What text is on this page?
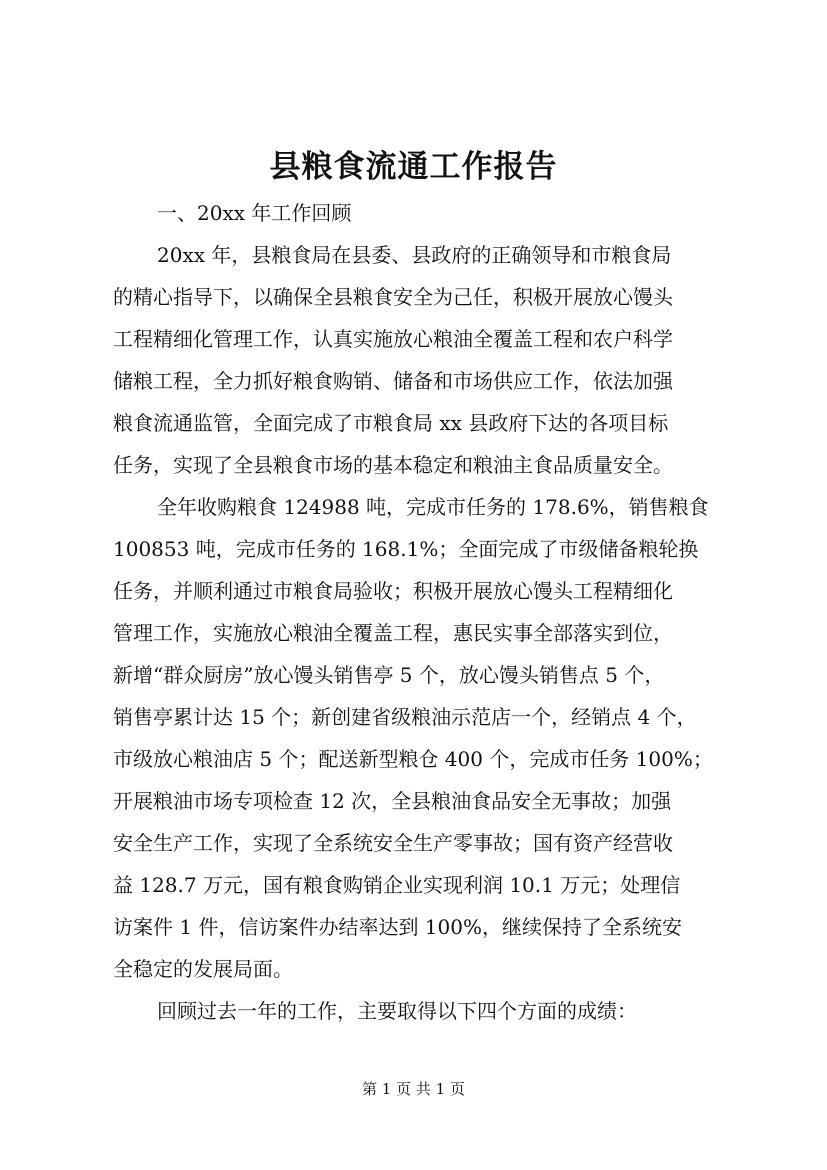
县粮食流通工作报告
一、20xx 年工作回顾
20xx 年，县粮食局在县委、县政府的正确领导和市粮食局
的精心指导下，以确保全县粮食安全为己任，积极开展放心馒头
工程精细化管理工作，认真实施放心粮油全覆盖工程和农户科学
储粮工程，全力抓好粮食购销、储备和市场供应工作，依法加强
粮食流通监管，全面完成了市粮食局 xx 县政府下达的各项目标
任务，实现了全县粮食市场的基本稳定和粮油主食品质量安全。
全年收购粮食 124988 吨，完成市任务的 178.6%，销售粮食
100853 吨，完成市任务的 168.1%；全面完成了市级储备粮轮换
任务，并顺利通过市粮食局验收；积极开展放心馒头工程精细化
管理工作，实施放心粮油全覆盖工程，惠民实事全部落实到位，
新增“群众厨房”放心馒头销售亭 5 个，放心馒头销售点 5 个，
销售亭累计达 15 个；新创建省级粮油示范店一个，经销点 4 个，
市级放心粮油店 5 个；配送新型粮仓 400 个，完成市任务 100%；
开展粮油市场专项检查 12 次，全县粮油食品安全无事故；加强
安全生产工作，实现了全系统安全生产零事故；国有资产经营收
益 128.7 万元，国有粮食购销企业实现利润 10.1 万元；处理信
访案件 1 件，信访案件办结率达到 100%，继续保持了全系统安
全稳定的发展局面。
回顾过去一年的工作，主要取得以下四个方面的成绩：
第 1 页 共 1 页
